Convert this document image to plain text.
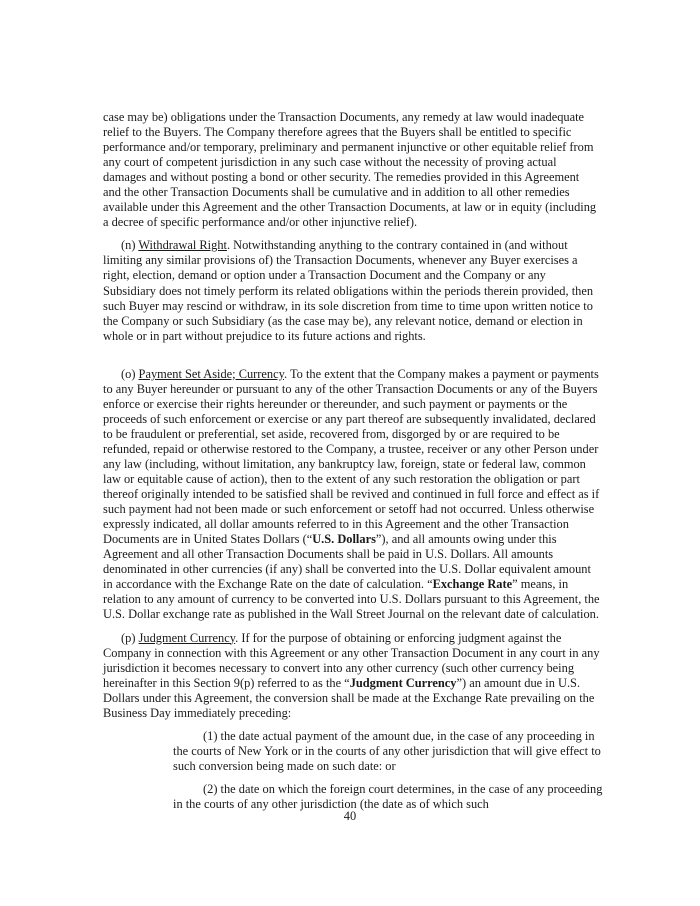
case may be) obligations under the Transaction Documents, any remedy at law would inadequate relief to the Buyers. The Company therefore agrees that the Buyers shall be entitled to specific performance and/or temporary, preliminary and permanent injunctive or other equitable relief from any court of competent jurisdiction in any such case without the necessity of proving actual damages and without posting a bond or other security. The remedies provided in this Agreement and the other Transaction Documents shall be cumulative and in addition to all other remedies available under this Agreement and the other Transaction Documents, at law or in equity (including a decree of specific performance and/or other injunctive relief).

(n) Withdrawal Right. Notwithstanding anything to the contrary contained in (and without limiting any similar provisions of) the Transaction Documents, whenever any Buyer exercises a right, election, demand or option under a Transaction Document and the Company or any Subsidiary does not timely perform its related obligations within the periods therein provided, then such Buyer may rescind or withdraw, in its sole discretion from time to time upon written notice to the Company or such Subsidiary (as the case may be), any relevant notice, demand or election in whole or in part without prejudice to its future actions and rights.

(o) Payment Set Aside; Currency. To the extent that the Company makes a payment or payments to any Buyer hereunder or pursuant to any of the other Transaction Documents or any of the Buyers enforce or exercise their rights hereunder or thereunder, and such payment or payments or the proceeds of such enforcement or exercise or any part thereof are subsequently invalidated, declared to be fraudulent or preferential, set aside, recovered from, disgorged by or are required to be refunded, repaid or otherwise restored to the Company, a trustee, receiver or any other Person under any law (including, without limitation, any bankruptcy law, foreign, state or federal law, common law or equitable cause of action), then to the extent of any such restoration the obligation or part thereof originally intended to be satisfied shall be revived and continued in full force and effect as if such payment had not been made or such enforcement or setoff had not occurred. Unless otherwise expressly indicated, all dollar amounts referred to in this Agreement and the other Transaction Documents are in United States Dollars (“U.S. Dollars”), and all amounts owing under this Agreement and all other Transaction Documents shall be paid in U.S. Dollars. All amounts denominated in other currencies (if any) shall be converted into the U.S. Dollar equivalent amount in accordance with the Exchange Rate on the date of calculation. “Exchange Rate” means, in relation to any amount of currency to be converted into U.S. Dollars pursuant to this Agreement, the U.S. Dollar exchange rate as published in the Wall Street Journal on the relevant date of calculation.

(p) Judgment Currency. If for the purpose of obtaining or enforcing judgment against the Company in connection with this Agreement or any other Transaction Document in any court in any jurisdiction it becomes necessary to convert into any other currency (such other currency being hereinafter in this Section 9(p) referred to as the “Judgment Currency”) an amount due in U.S. Dollars under this Agreement, the conversion shall be made at the Exchange Rate prevailing on the Business Day immediately preceding:

(1) the date actual payment of the amount due, in the case of any proceeding in the courts of New York or in the courts of any other jurisdiction that will give effect to such conversion being made on such date: or

(2) the date on which the foreign court determines, in the case of any proceeding in the courts of any other jurisdiction (the date as of which such

40
